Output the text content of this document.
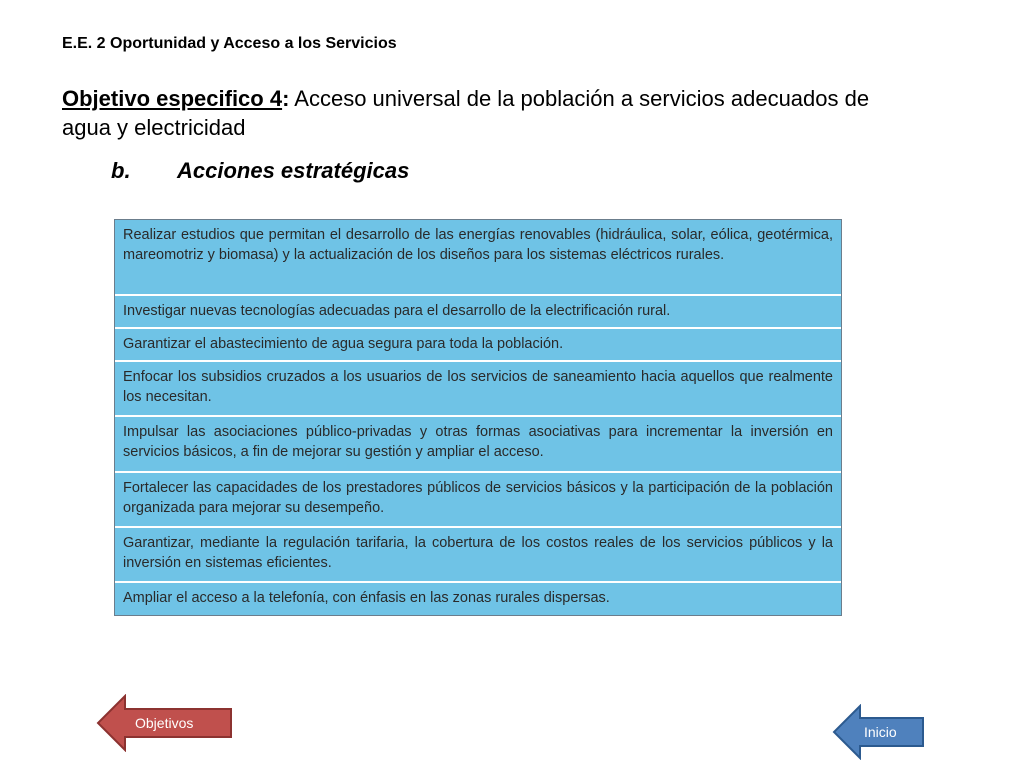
E.E. 2 Oportunidad y Acceso a los Servicios
Objetivo especifico 4: Acceso universal de la población a servicios adecuados de agua y electricidad
b. Acciones estratégicas
Realizar estudios que permitan el desarrollo de las energías renovables (hidráulica, solar, eólica, geotérmica, mareomotriz y biomasa) y la actualización de los diseños para los sistemas eléctricos rurales.
Investigar nuevas tecnologías adecuadas para el desarrollo de la electrificación rural.
Garantizar el abastecimiento de agua segura para toda la población.
Enfocar los subsidios cruzados a los usuarios de los servicios de saneamiento hacia aquellos que realmente los necesitan.
Impulsar las asociaciones público-privadas y otras formas asociativas para incrementar la inversión en servicios básicos, a fin de mejorar su gestión y ampliar el acceso.
Fortalecer las capacidades de los prestadores públicos de servicios básicos y la participación de la población organizada para mejorar su desempeño.
Garantizar, mediante la regulación tarifaria, la cobertura de los costos reales de los servicios públicos y la inversión en sistemas eficientes.
Ampliar el acceso a la telefonía, con énfasis en las zonas rurales dispersas.
Objetivos
Inicio
